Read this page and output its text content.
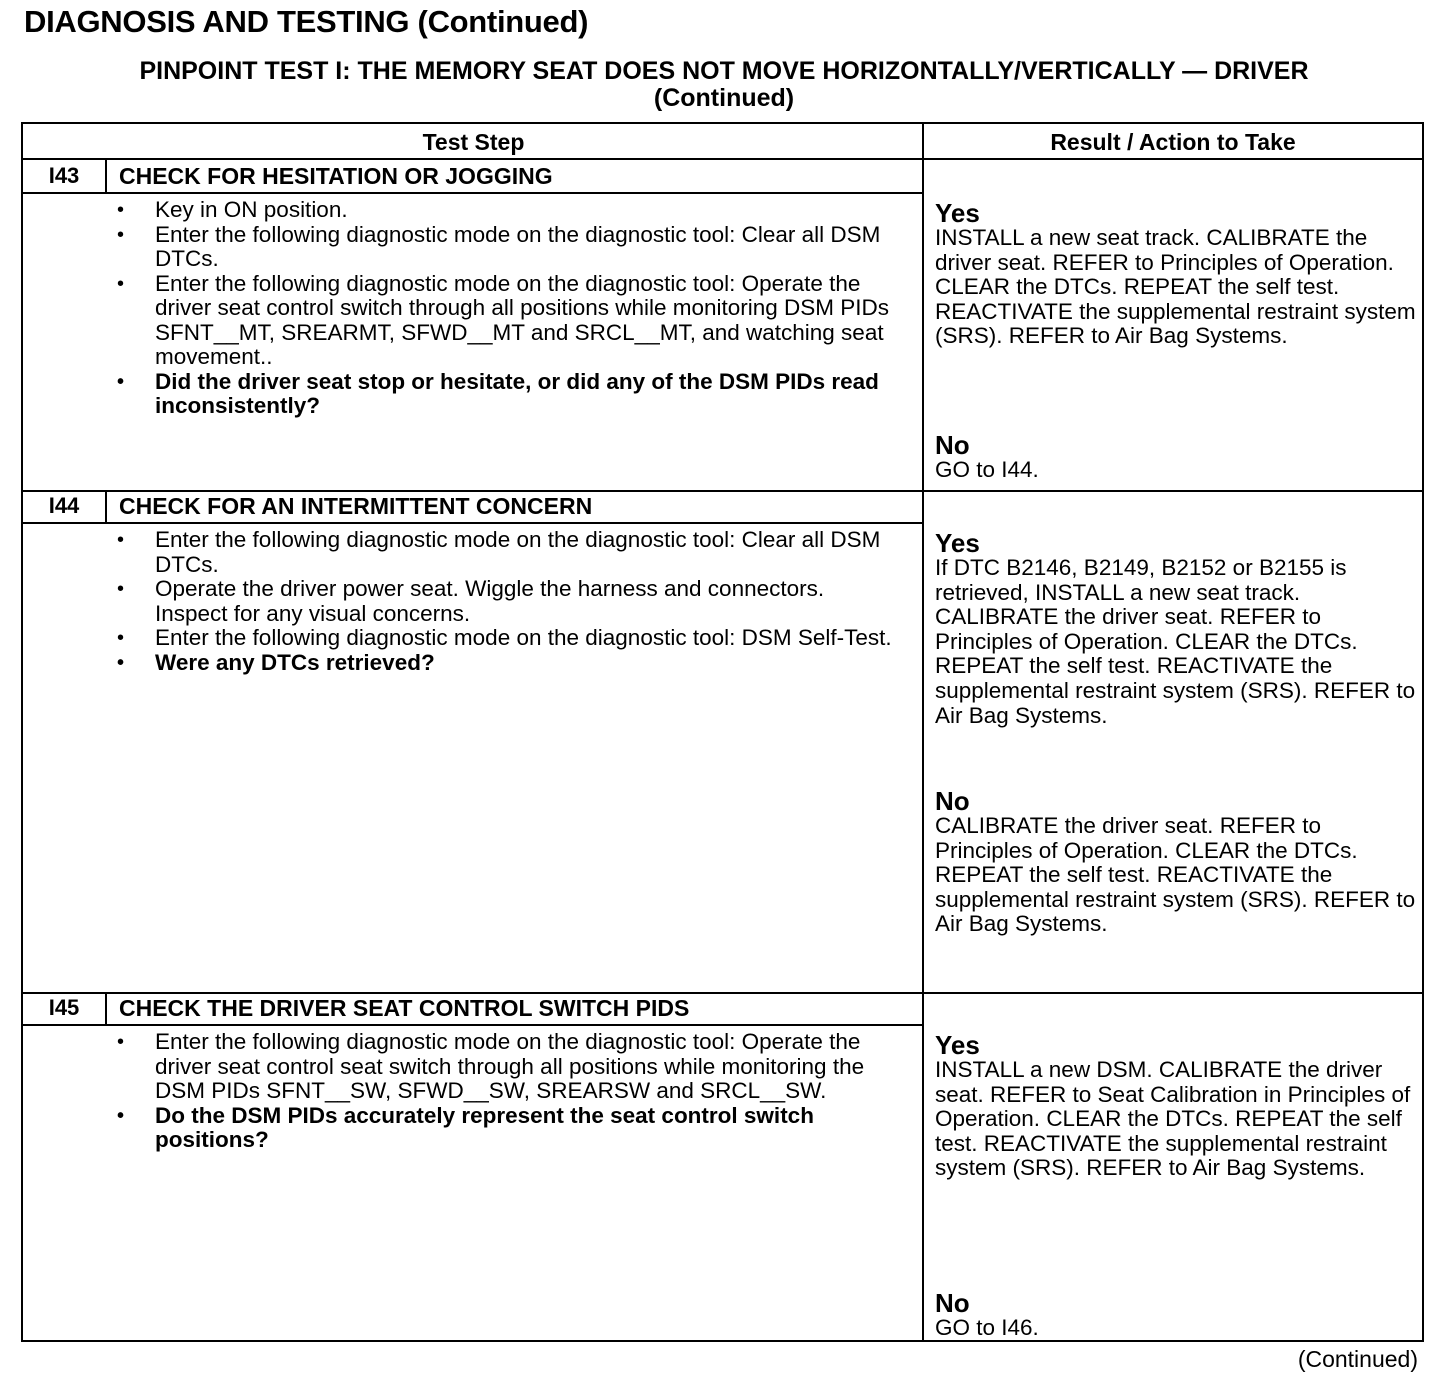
DIAGNOSIS AND TESTING (Continued)
PINPOINT TEST I: THE MEMORY SEAT DOES NOT MOVE HORIZONTALLY/VERTICALLY — DRIVER
(Continued)
Test Step	Result / Action to Take
I43	CHECK FOR HESITATION OR JOGGING
• Key in ON position.
• Enter the following diagnostic mode on the diagnostic tool: Clear all DSM DTCs.
• Enter the following diagnostic mode on the diagnostic tool: Operate the driver seat control switch through all positions while monitoring DSM PIDs SFNT__MT, SREARMT, SFWD__MT and SRCL__MT, and watching seat movement..
• Did the driver seat stop or hesitate, or did any of the DSM PIDs read inconsistently?
Yes
INSTALL a new seat track. CALIBRATE the driver seat. REFER to Principles of Operation. CLEAR the DTCs. REPEAT the self test. REACTIVATE the supplemental restraint system (SRS). REFER to Air Bag Systems.
No
GO to I44.
I44	CHECK FOR AN INTERMITTENT CONCERN
• Enter the following diagnostic mode on the diagnostic tool: Clear all DSM DTCs.
• Operate the driver power seat. Wiggle the harness and connectors. Inspect for any visual concerns.
• Enter the following diagnostic mode on the diagnostic tool: DSM Self-Test.
• Were any DTCs retrieved?
Yes
If DTC B2146, B2149, B2152 or B2155 is retrieved, INSTALL a new seat track. CALIBRATE the driver seat. REFER to Principles of Operation. CLEAR the DTCs. REPEAT the self test. REACTIVATE the supplemental restraint system (SRS). REFER to Air Bag Systems.
No
CALIBRATE the driver seat. REFER to Principles of Operation. CLEAR the DTCs. REPEAT the self test. REACTIVATE the supplemental restraint system (SRS). REFER to Air Bag Systems.
I45	CHECK THE DRIVER SEAT CONTROL SWITCH PIDS
• Enter the following diagnostic mode on the diagnostic tool: Operate the driver seat control seat switch through all positions while monitoring the DSM PIDs SFNT__SW, SFWD__SW, SREARSW and SRCL__SW.
• Do the DSM PIDs accurately represent the seat control switch positions?
Yes
INSTALL a new DSM. CALIBRATE the driver seat. REFER to Seat Calibration in Principles of Operation. CLEAR the DTCs. REPEAT the self test. REACTIVATE the supplemental restraint system (SRS). REFER to Air Bag Systems.
No
GO to I46.
(Continued)
